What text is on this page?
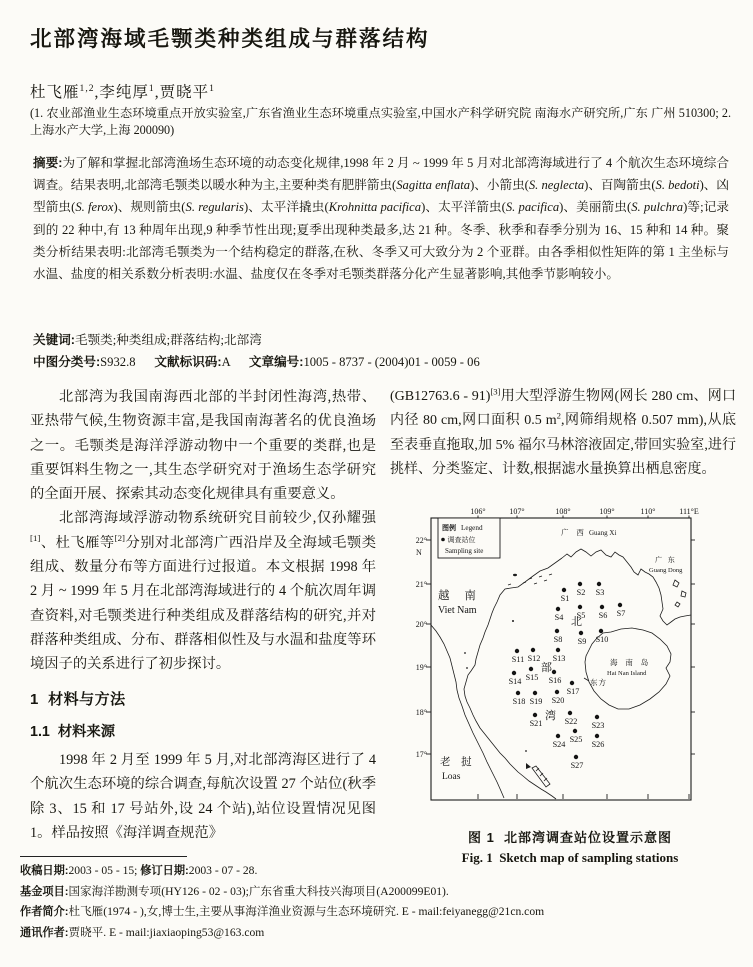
北部湾海域毛颚类种类组成与群落结构
杜飞雁$^{1,2}$,李纯厚$^1$,贾晓平$^1$
(1. 农业部渔业生态环境重点开放实验室,广东省渔业生态环境重点实验室,中国水产科学研究院 南海水产研究所,广东 广州 510300; 2. 上海水产大学,上海 200090)
摘要:为了解和掌握北部湾渔场生态环境的动态变化规律,1998 年 2 月 ~ 1999 年 5 月对北部湾海域进行了 4 个航次生态环境综合调查。结果表明,北部湾毛颚类以暖水种为主,主要种类有肥胖箭虫(Sagitta enflata)、小箭虫(S. neglecta)、百陶箭虫(S. bedoti)、凶型箭虫(S. ferox)、规则箭虫(S. regularis)、太平洋撬虫(Krohnitta pacifica)、太平洋箭虫(S. pacifica)、美丽箭虫(S. pulchra)等;记录到的 22 种中,有 13 种周年出现,9 种季节性出现;夏季出现种类最多,达 21 种。冬季、秋季和春季分别为 16、15 种和 14 种。聚类分析结果表明:北部湾毛颚类为一个结构稳定的群落,在秋、冬季又可大致分为 2 个亚群。由各季相似性矩阵的第 1 主坐标与水温、盐度的相关系数分析表明:水温、盐度仅在冬季对毛颚类群落分化产生显著影响,其他季节影响较小。
关键词:毛颚类;种类组成;群落结构;北部湾
中图分类号:S932.8      文献标识码:A      文章编号:1005 - 8737 - (2004)01 - 0059 - 06

北部湾为我国南海西北部的半封闭性海湾,热带、亚热带气候,生物资源丰富,是我国南海著名的优良渔场之一。毛颚类是海洋浮游动物中一个重要的类群,也是重要饵料生物之一,其生态学研究对于渔场生态学研究的全面开展、探索其动态变化规律具有重要意义。

北部湾海域浮游动物系统研究目前较少,仅孙耀强[1]、杜飞雁等[2]分别对北部湾广西沿岸及全海域毛颚类组成、数量分布等方面进行过报道。本文根据 1998 年 2 月 ~ 1999 年 5 月在北部湾海域进行的 4 个航次周年调查资料,对毛颚类进行种类组成及群落结构的研究,并对群落种类组成、分布、群落相似性及与水温和盐度等环境因子的关系进行了初步探讨。

1  材料与方法
1.1  材料来源

1998 年 2 月至 1999 年 5 月,对北部湾海区进行了 4 个航次生态环境的综合调查,每航次设置 27 个站位(秋季除 3、15 和 17 号站外,设 24 个站),站位设置情况见图 1。样品按照《海洋调查规范》

(GB12763.6 - 91)[3]用大型浮游生物网(网长 280 cm、网口内径 80 cm,网口面积 0.5 $m^2$,网筛绢规格 0.507 mm),从底至表垂直拖取,加 5% 福尔马林溶液固定,带回实验室,进行挑样、分类鉴定、计数,根据滤水量换算出栖息密度。

106°	107°	108°	109°	110°	111°E
22°
21°
20°
19°
18°
17°
N
图例 Legend
调查站位
Sampling site
广 西 Guang Xi
广 东
Guang Dong
越 南
Viet Nam
海 南 岛
Hai Nan Island
老 挝
Loas
东方
北
部
湾
S1
S2 S3
S4 S5 S6 S7
S8 S9 S10
S11 S12 S13
S14 S15 S16
S17
S18 S19 S20
S21	S22 S23
S24
S25
S26
S27
图 1  北部湾调查站位设置示意图
Fig. 1  Sketch map of sampling stations
收稿日期:2003 - 05 - 15; 修订日期:2003 - 07 - 28.
基金项目:国家海洋勘测专项(HY126 - 02 - 03);广东省重大科技兴海项目(A200099E01).
作者简介:杜飞雁(1974 - ),女,博士生,主要从事海洋渔业资源与生态环境研究. E - mail:feiyanegg@21cn.com
通讯作者:贾晓平. E - mail:jiaxiaoping53@163.com
